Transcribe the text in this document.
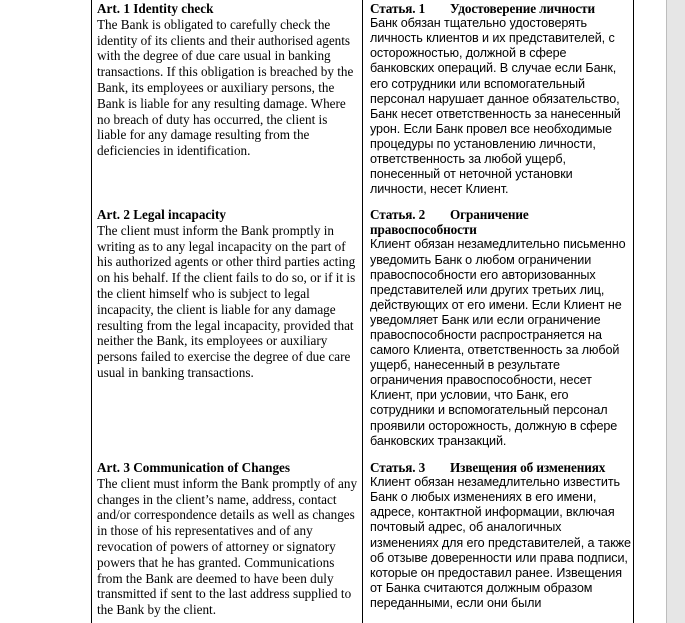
Art. 1 Identity check
The Bank is obligated to carefully check the identity of its clients and their authorised agents with the degree of due care usual in banking transactions. If this obligation is breached by the Bank, its employees or auxiliary persons, the Bank is liable for any resulting damage. Where no breach of duty has occurred, the client is liable for any damage resulting from the deficiencies in identification.
Art. 2 Legal incapacity
The client must inform the Bank promptly in writing as to any legal incapacity on the part of his authorized agents or other third parties acting on his behalf. If the client fails to do so, or if it is the client himself who is subject to legal incapacity, the client is liable for any damage resulting from the legal incapacity, provided that neither the Bank, its employees or auxiliary persons failed to exercise the degree of due care usual in banking transactions.
Art. 3 Communication of Changes
The client must inform the Bank promptly of any changes in the client’s name, address, contact and/or correspondence details as well as changes in those of his representatives and of any revocation of powers of attorney or signatory powers that he has granted. Communications from the Bank are deemed to have been duly transmitted if sent to the last address supplied to the Bank by the client.
Статья. 1 Удостоверение личности
Банк обязан тщательно удостоверять личность клиентов и их представителей, с осторожностью, должной в сфере банковских операций. В случае если Банк, его сотрудники или вспомогательный персонал нарушает данное обязательство, Банк несет ответственность за нанесенный урон. Если Банк провел все необходимые процедуры по установлению личности, ответственность за любой ущерб, понесенный от неточной установки личности, несет Клиент.
Статья. 2 Ограничение правоспособности
Клиент обязан незамедлительно письменно уведомить Банк о любом ограничении правоспособности его авторизованных представителей или других третьих лиц, действующих от его имени. Если Клиент не уведомляет Банк или если ограничение правоспособности распространяется на самого Клиента, ответственность за любой ущерб, нанесенный в результате ограничения правоспособности, несет Клиент, при условии, что Банк, его сотрудники и вспомогательный персонал проявили осторожность, должную в сфере банковских транзакций.
Статья. 3 Извещения об изменениях
Клиент обязан незамедлительно известить Банк о любых изменениях в его имени, адресе, контактной информации, включая почтовый адрес, об аналогичных изменениях для его представителей, а также об отзыве доверенности или права подписи, которые он предоставил ранее. Извещения от Банка считаются должным образом переданными, если они были
